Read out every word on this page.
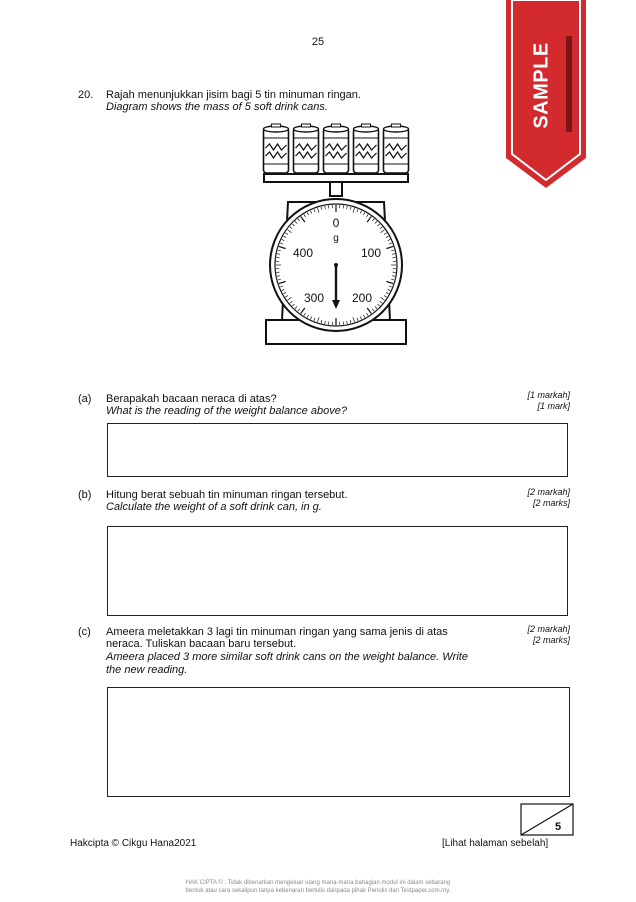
25	SAMPLE
20. Rajah menunjukkan jisim bagi 5 tin minuman ringan.
Diagram shows the mass of 5 soft drink cans.
0
g
100
200
300
400
(a) Berapakah bacaan neraca di atas?
What is the reading of the weight balance above?
[1 markah]
[1 mark]
(b) Hitung berat sebuah tin minuman ringan tersebut.
Calculate the weight of a soft drink can, in g.
[2 markah]
[2 marks]
(c) Ameera meletakkan 3 lagi tin minuman ringan yang sama jenis di atas
neraca. Tuliskan bacaan baru tersebut.
Ameera placed 3 more similar soft drink cans on the weight balance. Write
the new reading.
[2 markah]
[2 marks]
5
Hakcipta © Cikgu Hana2021	[Lihat halaman sebelah]
HAK CIPTA © : Tidak dibenarkan mengeluar ulang mana-mana bahagian modul ini dalam sebarang
bentuk atau cara sekalipun tanpa kebenaran bertulis daripada pihak Penulis dan Testpaper.com.my.
